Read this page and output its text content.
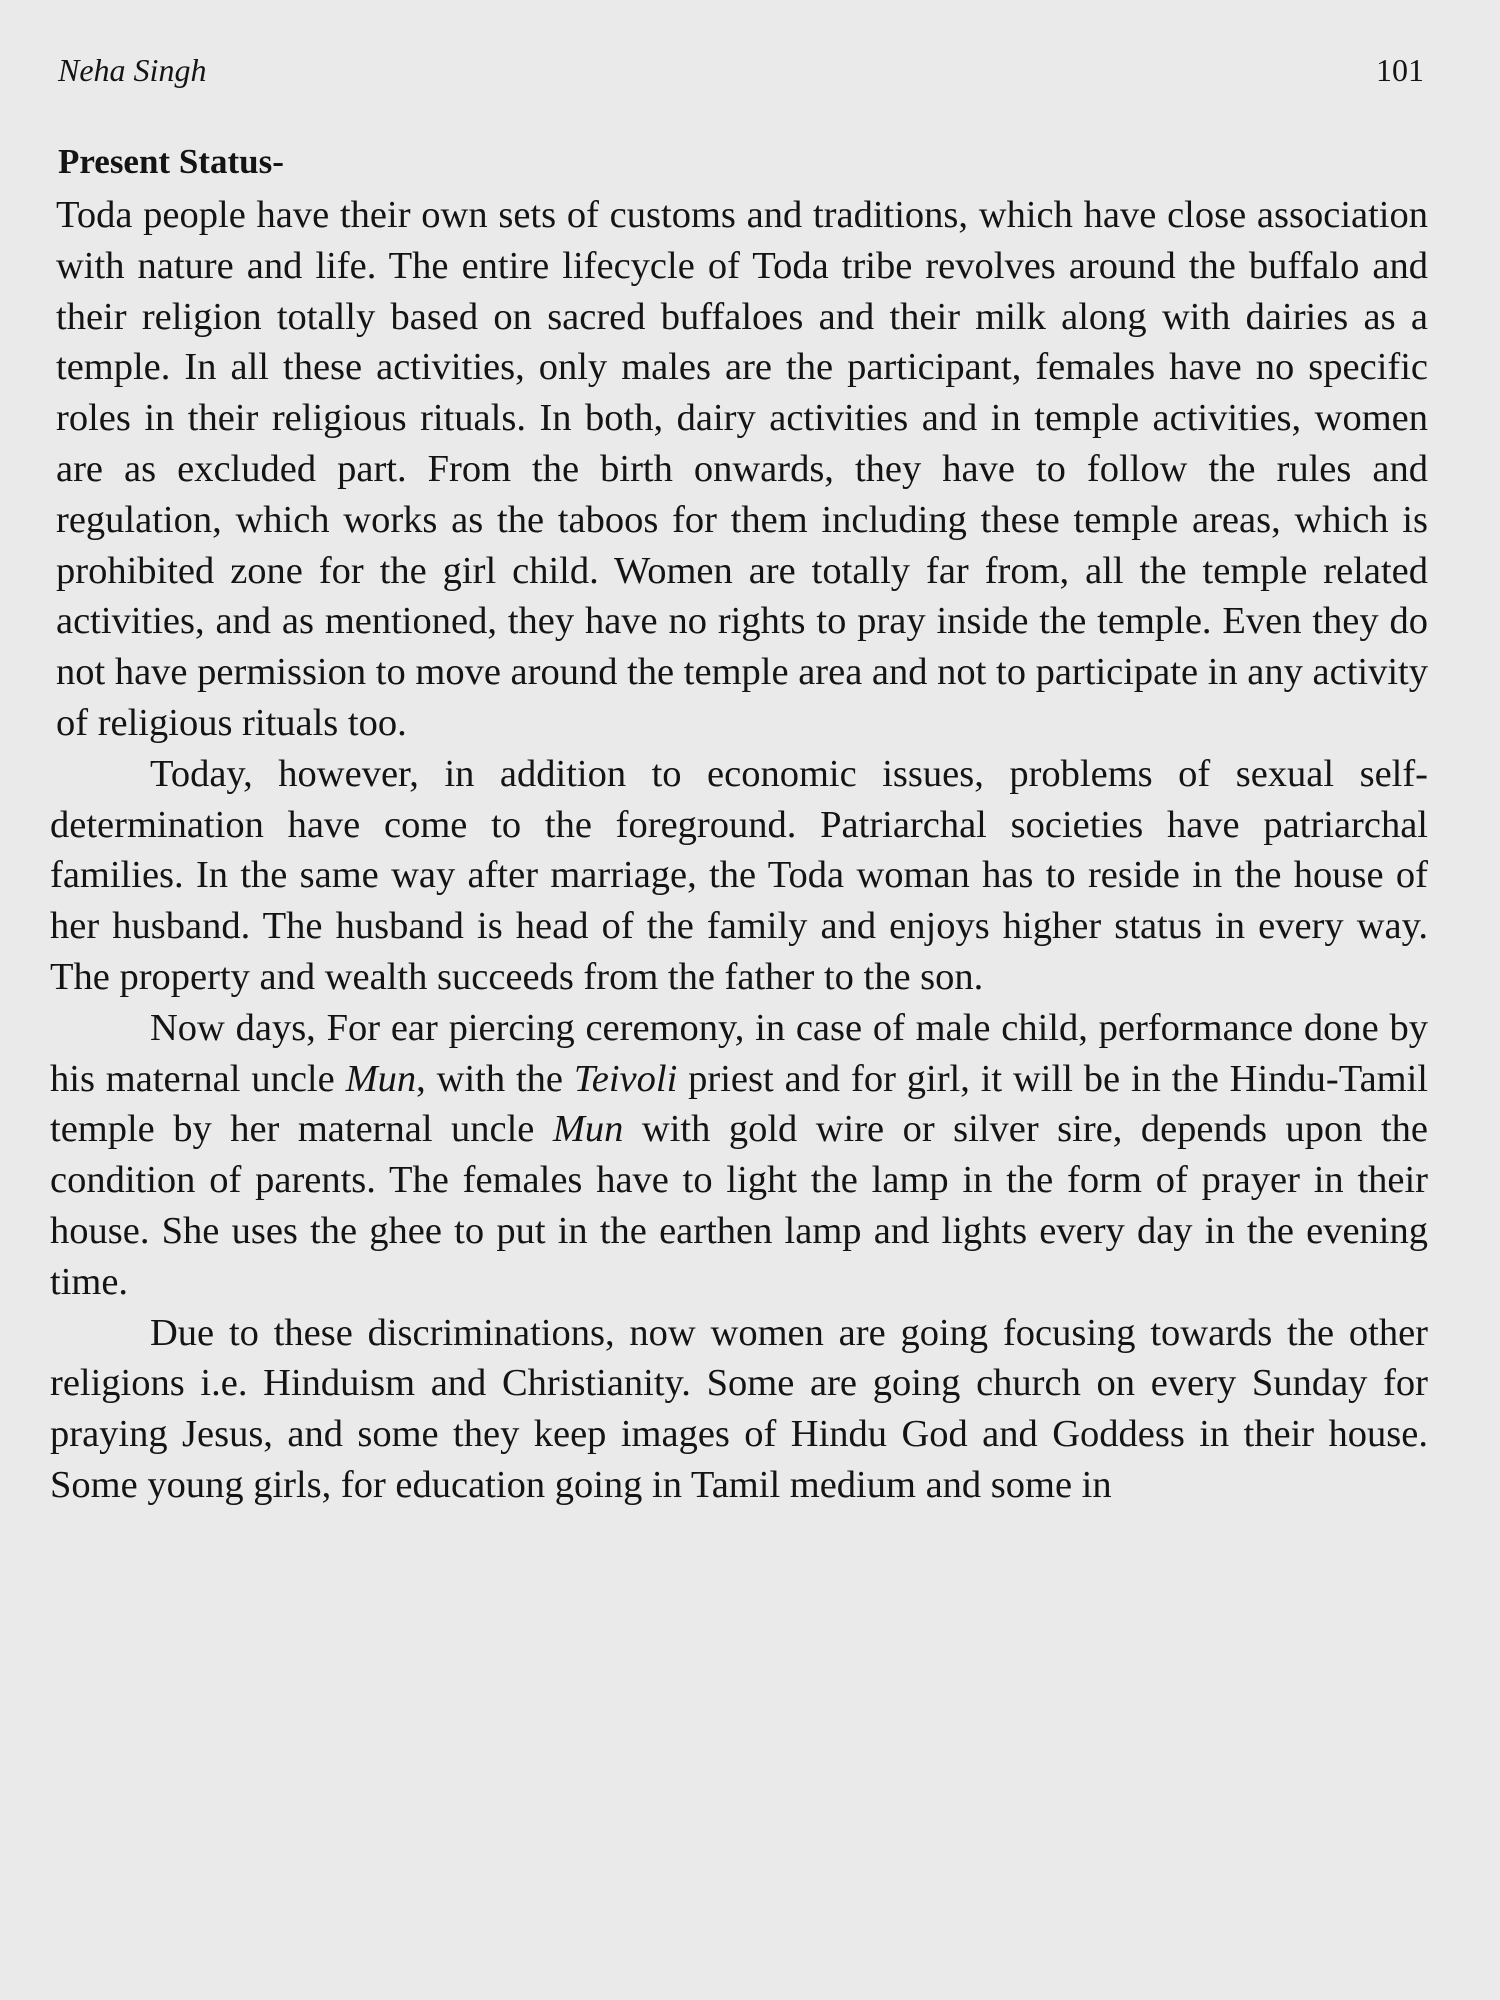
Neha Singh	101
Present Status-

Toda people have their own sets of customs and traditions, which have close association with nature and life. The entire lifecycle of Toda tribe revolves around the buffalo and their religion totally based on sacred buffaloes and their milk along with dairies as a temple. In all these activities, only males are the participant, females have no specific roles in their religious rituals. In both, dairy activities and in temple activities, women are as excluded part. From the birth onwards, they have to follow the rules and regulation, which works as the taboos for them including these temple areas, which is prohibited zone for the girl child. Women are totally far from, all the temple related activities, and as mentioned, they have no rights to pray inside the temple. Even they do not have permission to move around the temple area and not to participate in any activity of religious rituals too.

Today, however, in addition to economic issues, problems of sexual self-determination have come to the foreground. Patriarchal societies have patriarchal families. In the same way after marriage, the Toda woman has to reside in the house of her husband. The husband is head of the family and enjoys higher status in every way. The property and wealth succeeds from the father to the son.

Now days, For ear piercing ceremony, in case of male child, performance done by his maternal uncle Mun, with the Teivoli priest and for girl, it will be in the Hindu-Tamil temple by her maternal uncle Mun with gold wire or silver sire, depends upon the condition of parents. The females have to light the lamp in the form of prayer in their house. She uses the ghee to put in the earthen lamp and lights every day in the evening time.

Due to these discriminations, now women are going focusing towards the other religions i.e. Hinduism and Christianity. Some are going church on every Sunday for praying Jesus, and some they keep images of Hindu God and Goddess in their house. Some young girls, for education going in Tamil medium and some in
